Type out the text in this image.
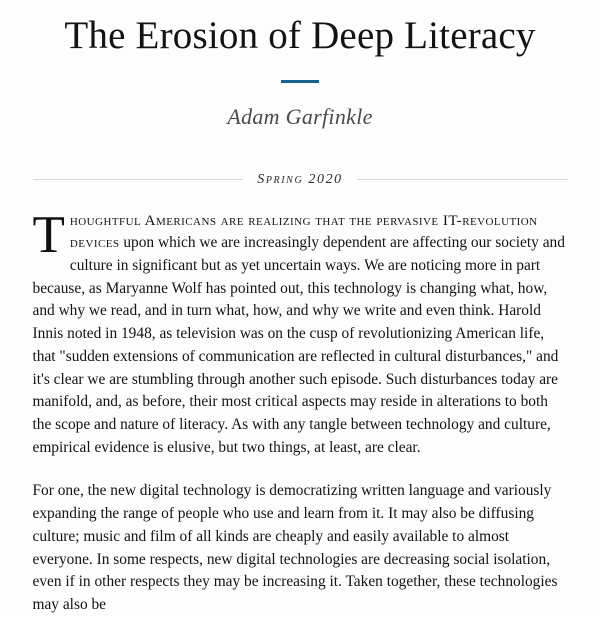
The Erosion of Deep Literacy

Adam Garfinkle

Spring 2020

Thoughtful Americans are realizing that the pervasive IT-revolution devices upon which we are increasingly dependent are affecting our society and culture in significant but as yet uncertain ways. We are noticing more in part because, as Maryanne Wolf has pointed out, this technology is changing what, how, and why we read, and in turn what, how, and why we write and even think. Harold Innis noted in 1948, as television was on the cusp of revolutionizing American life, that "sudden extensions of communication are reflected in cultural disturbances," and it's clear we are stumbling through another such episode. Such disturbances today are manifold, and, as before, their most critical aspects may reside in alterations to both the scope and nature of literacy. As with any tangle between technology and culture, empirical evidence is elusive, but two things, at least, are clear.

For one, the new digital technology is democratizing written language and variously expanding the range of people who use and learn from it. It may also be diffusing culture; music and film of all kinds are cheaply and easily available to almost everyone. In some respects, new digital technologies are decreasing social isolation, even if in other respects they may be increasing it. Taken together, these technologies may also be
